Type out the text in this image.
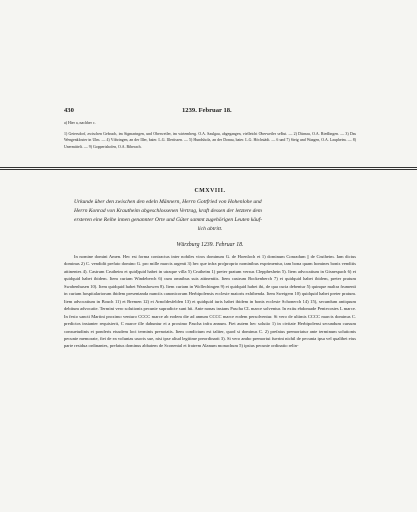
430	1239. Februar 18.

a) Hier a, nachher c.

1) Geiersdorf, zwischen Gebrach, im Sigmaringen, und Oberweiler, im wirtemberg. O.A. Saulgau, abgegangen, vielleicht Oberweiler selbst. — 2) Dürnau, O.A. Riedlingen. — 3) Das Wengenkloster in Ulm. — 4) Vöhringen, an der Iller, baier. L.G. Illertissen. — 5) Hundsholz, an der Donau, baier. L.G. Höchstädt. — 6 und 7) Steig und Waagen, O.A. Laupheim. — 8) Unermittelt. — 9) Goppertshofen, O.A. Biberach.

CMXVIII.
Urkunde über den zwischen den edeln Männern, Herrn Gottfried von Hohenlohe und
Herrn Konrad von Krautheim abgeschlossenen Vertrag, kraft dessen der letztere dem
ersteren eine Reihe innen genannter Orte und Güter sammt zugehörigen Leuten käuf-
lich abtritt.
Würzburg 1239. Februar 18.

In nomine domini Amen. Hec est forma contractus inter nobiles viros dominum G. de Hoenloch et 1) dominum Conradum || de Crutheim. Iam dictus dominus 2) C. vendidit prefato domino G. pro mille marcis argenti 3) hec que infra pro|proprio nominibus exprimentur, tam bona quam homines bonis venditis attinentes 4). Castrum Crutheim et quid|quid habet in utraque villa 5) Crutheim 1) preter pratum versus Cleppheshein 5). Item advocatium in Gisnespach 6) et quidquid habet ibidem. Item curiam Windeberch 6) cum omnibus suis attinentiis. Item castrum Bockenberch 7) et quidquid habet ibidem, preter pratum Swabenhusen 10). Item quidquid habet Wanshowen 8). Item curiam in Wollechingen 9) et quidquid habet ibi, de qua curia debentur 5) quinque maltra frumenti in curiam hospitalariorum ibidem presentanda nunciis canonicorum Herbipolensis ecclesie maioris exhibenda. Item Sweigern 10) quidquid habet preter pratum. Item advocatium in Bouch 11) et Bremen 12) et Arnoldesfelden 13) et quidquid iuris habet ibidem in bonis ecclesie Schonerch 14) 15), secundum antiquum debitum advocatie. Termini vero solutionis pecunie supradicte sunt hii. Ante nonas instans Pascha CL marce solventur. In exitu ebdomade Pentecostes L marce. In festo sancti Martini proximo venturo CCCC marce ab eodem die ad annum CCCC marce eodem persolventur. Si vero de ultimis CCCC marcis dominus C. predictos instanter requisierit, C marce ille dabuntur ei a proximo Pascha infra annum. Fiet autem hec solutio 1) in civitate Herbipolensi secundum cursum consuetudinis et ponderis eiusdem loci terminis prenotatis. Item condictum est taliter, quod si dominus C. 2) prefatus premoriatur ante terminum solutionis pecunie memorate, fiet de ea voluntas uxoris sue, nisi ipse aliud legitime preordinarit 3). Si vero ambo premortui fuerint nichil de pecunia ipsa vel qualibet eius parte residua ordinantes, prefatus dominus abbatem de Sconental et fratrem Alanum monachum 5) ipsius pecunie ordinatio relin-
